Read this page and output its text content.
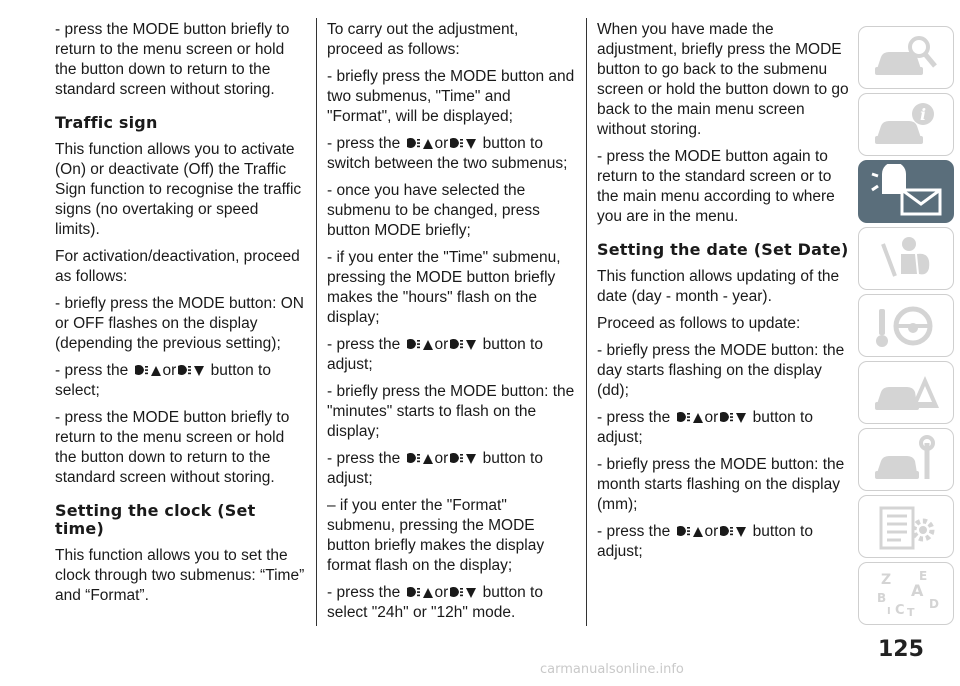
- press the MODE button briefly to return to the menu screen or hold the button down to return to the standard screen without storing.

Traffic sign

This function allows you to activate (On) or deactivate (Off) the Traffic Sign function to recognise the traffic signs (no overtaking or speed limits).

For activation/deactivation, proceed as follows:

- briefly press the MODE button: ON or OFF flashes on the display (depending the previous setting);

- press the or button to select;

- press the MODE button briefly to return to the menu screen or hold the button down to return to the standard screen without storing.

Setting the clock (Set time)

This function allows you to set the clock through two submenus: “Time” and “Format”.

To carry out the adjustment, proceed as follows:

- briefly press the MODE button and two submenus, "Time" and "Format", will be displayed;

- press the or button to switch between the two submenus;

- once you have selected the submenu to be changed, press button MODE briefly;

- if you enter the "Time" submenu, pressing the MODE button briefly makes the "hours" flash on the display;

- press the or button to adjust;

- briefly press the MODE button: the "minutes" starts to flash on the display;

- press the or button to adjust;

– if you enter the "Format" submenu, pressing the MODE button briefly makes the display format flash on the display;

- press the or button to select "24h" or "12h" mode.

When you have made the adjustment, briefly press the MODE button to go back to the submenu screen or hold the button down to go back to the main menu screen without storing.

- press the MODE button again to return to the standard screen or to the main menu according to where you are in the menu.

Setting the date (Set Date)

This function allows updating of the date (day - month - year).

Proceed as follows to update:

- briefly press the MODE button: the day starts flashing on the display (dd);

- press the or button to adjust;

- briefly press the MODE button: the month starts flashing on the display (mm);

- press the or button to adjust;

i
Z E
A
B	D
C
I T
125
carmanualsonline.info
